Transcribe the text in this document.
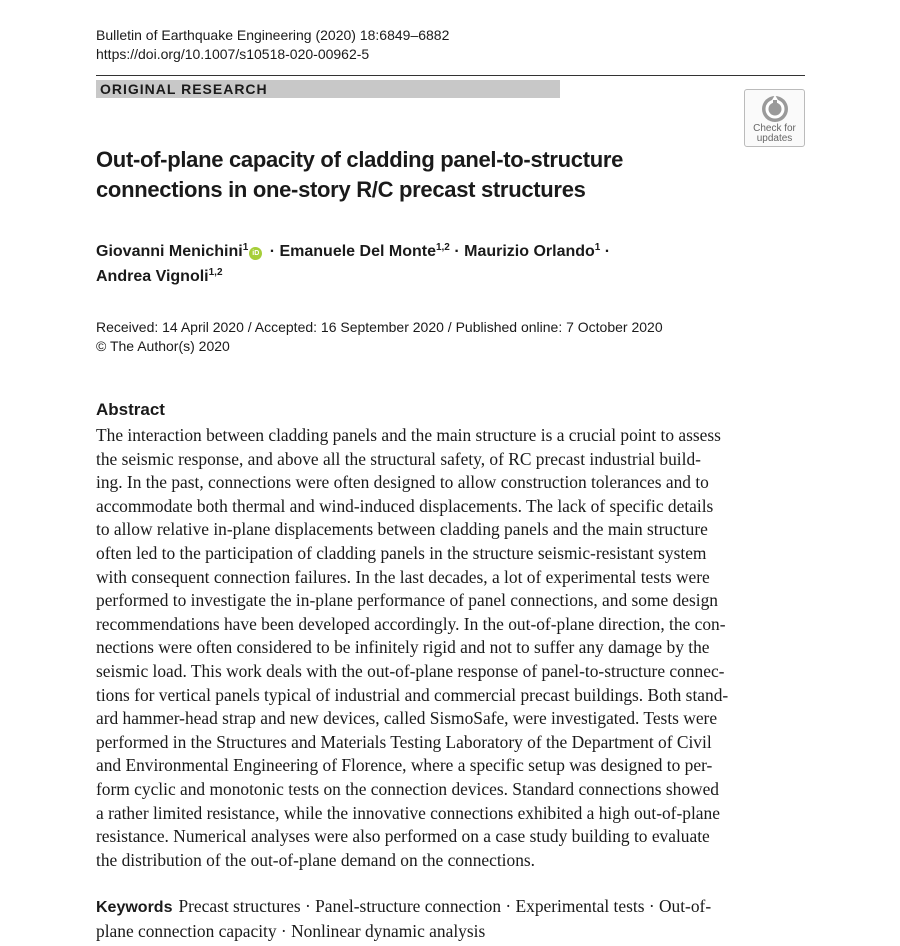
Bulletin of Earthquake Engineering (2020) 18:6849–6882
https://doi.org/10.1007/s10518-020-00962-5
ORIGINAL RESEARCH
Check for
updates
Out-of-plane capacity of cladding panel-to-structure
connections in one-story R/C precast structures
Giovanni Menichini$^1$iD · Emanuele Del Monte$^{1,2}$ · Maurizio Orlando$^1$ ·
Andrea Vignoli$^{1,2}$
Received: 14 April 2020 / Accepted: 16 September 2020 / Published online: 7 October 2020
© The Author(s) 2020
Abstract
The interaction between cladding panels and the main structure is a crucial point to assess
the seismic response, and above all the structural safety, of RC precast industrial build-
ing. In the past, connections were often designed to allow construction tolerances and to
accommodate both thermal and wind-induced displacements. The lack of specific details
to allow relative in-plane displacements between cladding panels and the main structure
often led to the participation of cladding panels in the structure seismic-resistant system
with consequent connection failures. In the last decades, a lot of experimental tests were
performed to investigate the in-plane performance of panel connections, and some design
recommendations have been developed accordingly. In the out-of-plane direction, the con-
nections were often considered to be infinitely rigid and not to suffer any damage by the
seismic load. This work deals with the out-of-plane response of panel-to-structure connec-
tions for vertical panels typical of industrial and commercial precast buildings. Both stand-
ard hammer-head strap and new devices, called SismoSafe, were investigated. Tests were
performed in the Structures and Materials Testing Laboratory of the Department of Civil
and Environmental Engineering of Florence, where a specific setup was designed to per-
form cyclic and monotonic tests on the connection devices. Standard connections showed
a rather limited resistance, while the innovative connections exhibited a high out-of-plane
resistance. Numerical analyses were also performed on a case study building to evaluate
the distribution of the out-of-plane demand on the connections.
Keywords Precast structures · Panel-structure connection · Experimental tests · Out-of-
plane connection capacity · Nonlinear dynamic analysis
